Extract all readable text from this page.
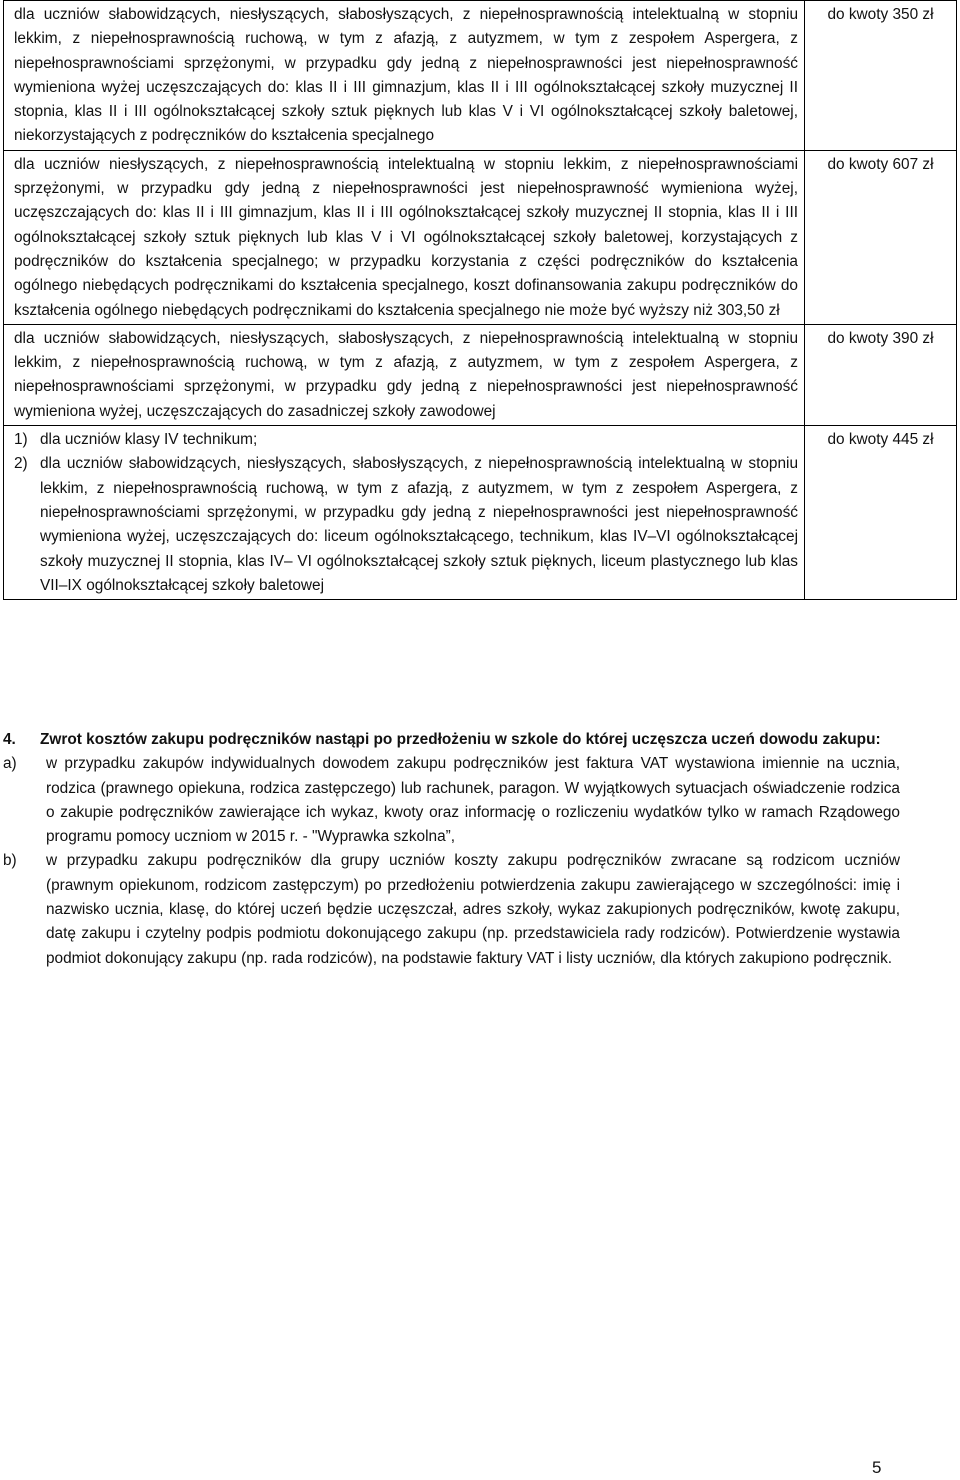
dla uczniów słabowidzących, niesłyszących, słabosłyszących, z niepełnosprawnością intelektualną w stopniu lekkim, z niepełnosprawnością ruchową, w tym z afazją, z autyzmem, w tym z zespołem Aspergera, z niepełnosprawnościami sprzężonymi, w przypadku gdy jedną z niepełnosprawności jest niepełnosprawność wymieniona wyżej uczęszczających do: klas II i III gimnazjum, klas II i III ogólnokształcącej szkoły muzycznej II stopnia, klas II i III ogólnokształcącej szkoły sztuk pięknych lub klas V i VI ogólnokształcącej szkoły baletowej, niekorzystających z podręczników do kształcenia specjalnego	do kwoty 350 zł
dla uczniów niesłyszących, z niepełnosprawnością intelektualną w stopniu lekkim, z niepełnosprawnościami sprzężonymi, w przypadku gdy jedną z niepełnosprawności jest niepełnosprawność wymieniona wyżej, uczęszczających do: klas II i III gimnazjum, klas II i III ogólnokształcącej szkoły muzycznej II stopnia, klas II i III ogólnokształcącej szkoły sztuk pięknych lub klas V i VI ogólnokształcącej szkoły baletowej, korzystających z podręczników do kształcenia specjalnego; w przypadku korzystania z części podręczników do kształcenia ogólnego niebędących podręcznikami do kształcenia specjalnego, koszt dofinansowania zakupu podręczników do kształcenia ogólnego niebędących podręcznikami do kształcenia specjalnego nie może być wyższy niż 303,50 zł	do kwoty 607 zł
dla uczniów słabowidzących, niesłyszących, słabosłyszących, z niepełnosprawnością intelektualną w stopniu lekkim, z niepełnosprawnością ruchową, w tym z afazją, z autyzmem, w tym z zespołem Aspergera, z niepełnosprawnościami sprzężonymi, w przypadku gdy jedną z niepełnosprawności jest niepełnosprawność wymieniona wyżej, uczęszczających do zasadniczej szkoły zawodowej	do kwoty 390 zł

1) dla uczniów klasy IV technikum;
2) dla uczniów słabowidzących, niesłyszących, słabosłyszących, z niepełnosprawnością intelektualną w stopniu lekkim, z niepełnosprawnością ruchową, w tym z afazją, z autyzmem, w tym z zespołem Aspergera, z niepełnosprawnościami sprzężonymi, w przypadku gdy jedną z niepełnosprawności jest niepełnosprawność wymieniona wyżej, uczęszczających do: liceum ogólnokształcącego, technikum, klas IV–VI ogólnokształcącej szkoły muzycznej II stopnia, klas IV– VI ogólnokształcącej szkoły sztuk pięknych, liceum plastycznego lub klas VII–IX ogólnokształcącej szkoły baletowej	do kwoty 445 zł
4.	Zwrot kosztów zakupu podręczników nastąpi po przedłożeniu w szkole do której uczęszcza uczeń dowodu zakupu:
a)	w przypadku zakupów indywidualnych dowodem zakupu podręczników jest faktura VAT wystawiona imiennie na ucznia, rodzica (prawnego opiekuna, rodzica zastępczego) lub rachunek, paragon. W wyjątkowych sytuacjach oświadczenie rodzica o zakupie podręczników zawierające ich wykaz, kwoty oraz informację o rozliczeniu wydatków tylko w ramach Rządowego programu pomocy uczniom w 2015 r. - "Wyprawka szkolna”,
b)	w przypadku zakupu podręczników dla grupy uczniów koszty zakupu podręczników zwracane są rodzicom uczniów (prawnym opiekunom, rodzicom zastępczym) po przedłożeniu potwierdzenia zakupu zawierającego w szczególności: imię i nazwisko ucznia, klasę, do której uczeń będzie uczęszczał, adres szkoły, wykaz zakupionych podręczników, kwotę zakupu, datę zakupu i czytelny podpis podmiotu dokonującego zakupu (np. przedstawiciela rady rodziców). Potwierdzenie wystawia podmiot dokonujący zakupu (np. rada rodziców), na podstawie faktury VAT i listy uczniów, dla których zakupiono podręcznik.
5
